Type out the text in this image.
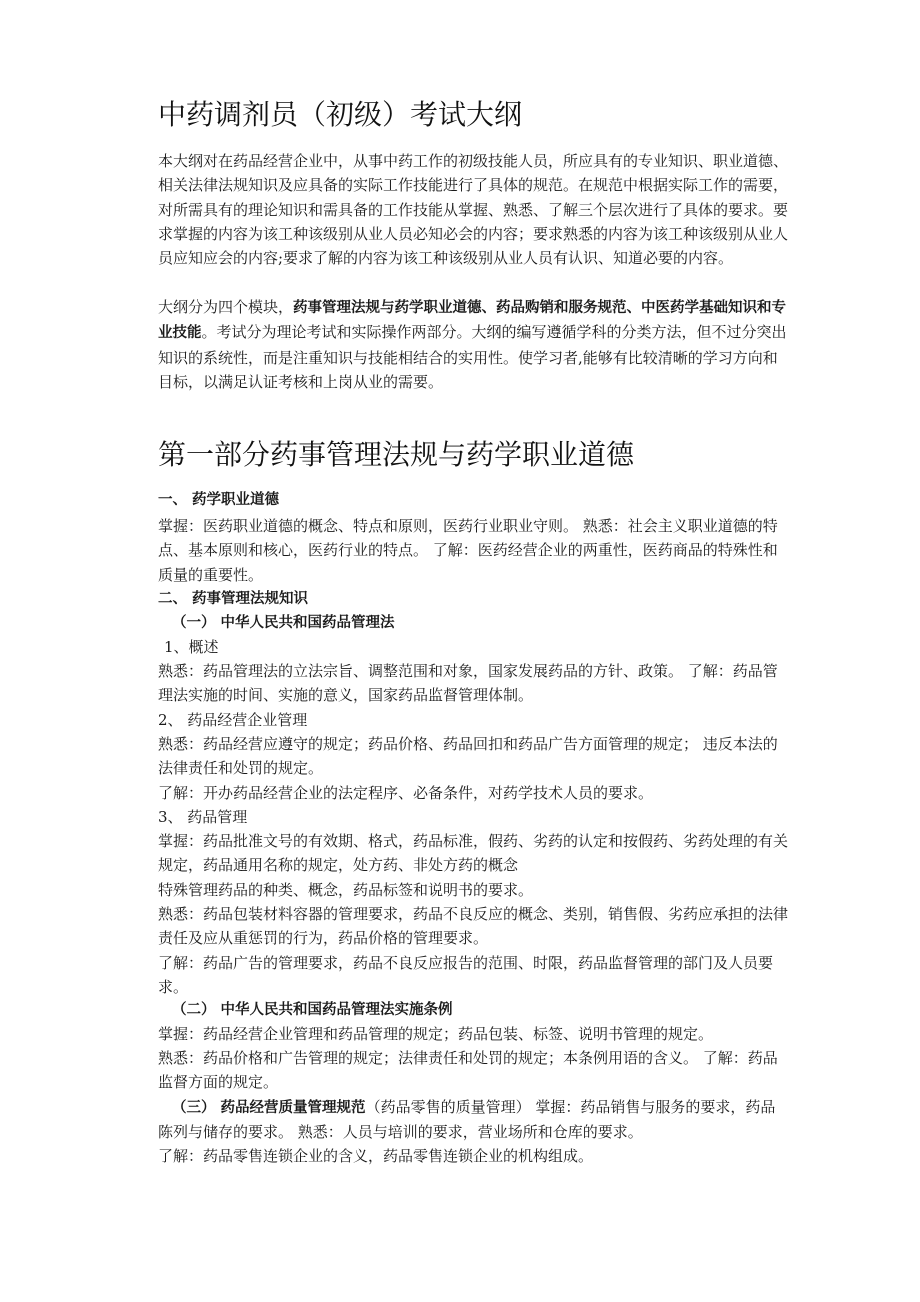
中药调剂员（初级）考试大纲

本大纲对在药品经营企业中，从事中药工作的初级技能人员，所应具有的专业知识、职业道德、相关法律法规知识及应具备的实际工作技能进行了具体的规范。在规范中根据实际工作的需要，对所需具有的理论知识和需具备的工作技能从掌握、熟悉、了解三个层次进行了具体的要求。要求掌握的内容为该工种该级别从业人员必知必会的内容；要求熟悉的内容为该工种该级别从业人员应知应会的内容;要求了解的内容为该工种该级别从业人员有认识、知道必要的内容。

大纲分为四个模块，药事管理法规与药学职业道德、药品购销和服务规范、中医药学基础知识和专业技能。考试分为理论考试和实际操作两部分。大纲的编写遵循学科的分类方法，但不过分突出知识的系统性，而是注重知识与技能相结合的实用性。使学习者,能够有比较清晰的学习方向和目标，以满足认证考核和上岗从业的需要。

第一部分药事管理法规与药学职业道德
一、 药学职业道德

掌握：医药职业道德的概念、特点和原则，医药行业职业守则。 熟悉：社会主义职业道德的特点、基本原则和核心，医药行业的特点。 了解：医药经营企业的两重性，医药商品的特殊性和质量的重要性。

二、 药事管理法规知识
（一） 中华人民共和国药品管理法
1、概述

熟悉：药品管理法的立法宗旨、调整范围和对象，国家发展药品的方针、政策。 了解：药品管理法实施的时间、实施的意义，国家药品监督管理体制。

2、 药品经营企业管理

熟悉：药品经营应遵守的规定；药品价格、药品回扣和药品广告方面管理的规定； 违反本法的法律责任和处罚的规定。

了解：开办药品经营企业的法定程序、必备条件，对药学技术人员的要求。

3、 药品管理

掌握：药品批准文号的有效期、格式，药品标准，假药、劣药的认定和按假药、劣药处理的有关规定，药品通用名称的规定，处方药、非处方药的概念

特殊管理药品的种类、概念，药品标签和说明书的要求。

熟悉：药品包装材料容器的管理要求，药品不良反应的概念、类别，销售假、劣药应承担的法律责任及应从重惩罚的行为，药品价格的管理要求。

了解：药品广告的管理要求，药品不良反应报告的范围、时限，药品监督管理的部门及人员要求。

（二） 中华人民共和国药品管理法实施条例

掌握：药品经营企业管理和药品管理的规定；药品包装、标签、说明书管理的规定。

熟悉：药品价格和广告管理的规定；法律责任和处罚的规定；本条例用语的含义。 了解：药品监督方面的规定。

（三） 药品经营质量管理规范（药品零售的质量管理） 掌握：药品销售与服务的要求，药品陈列与储存的要求。 熟悉：人员与培训的要求，营业场所和仓库的要求。

了解：药品零售连锁企业的含义，药品零售连锁企业的机构组成。
